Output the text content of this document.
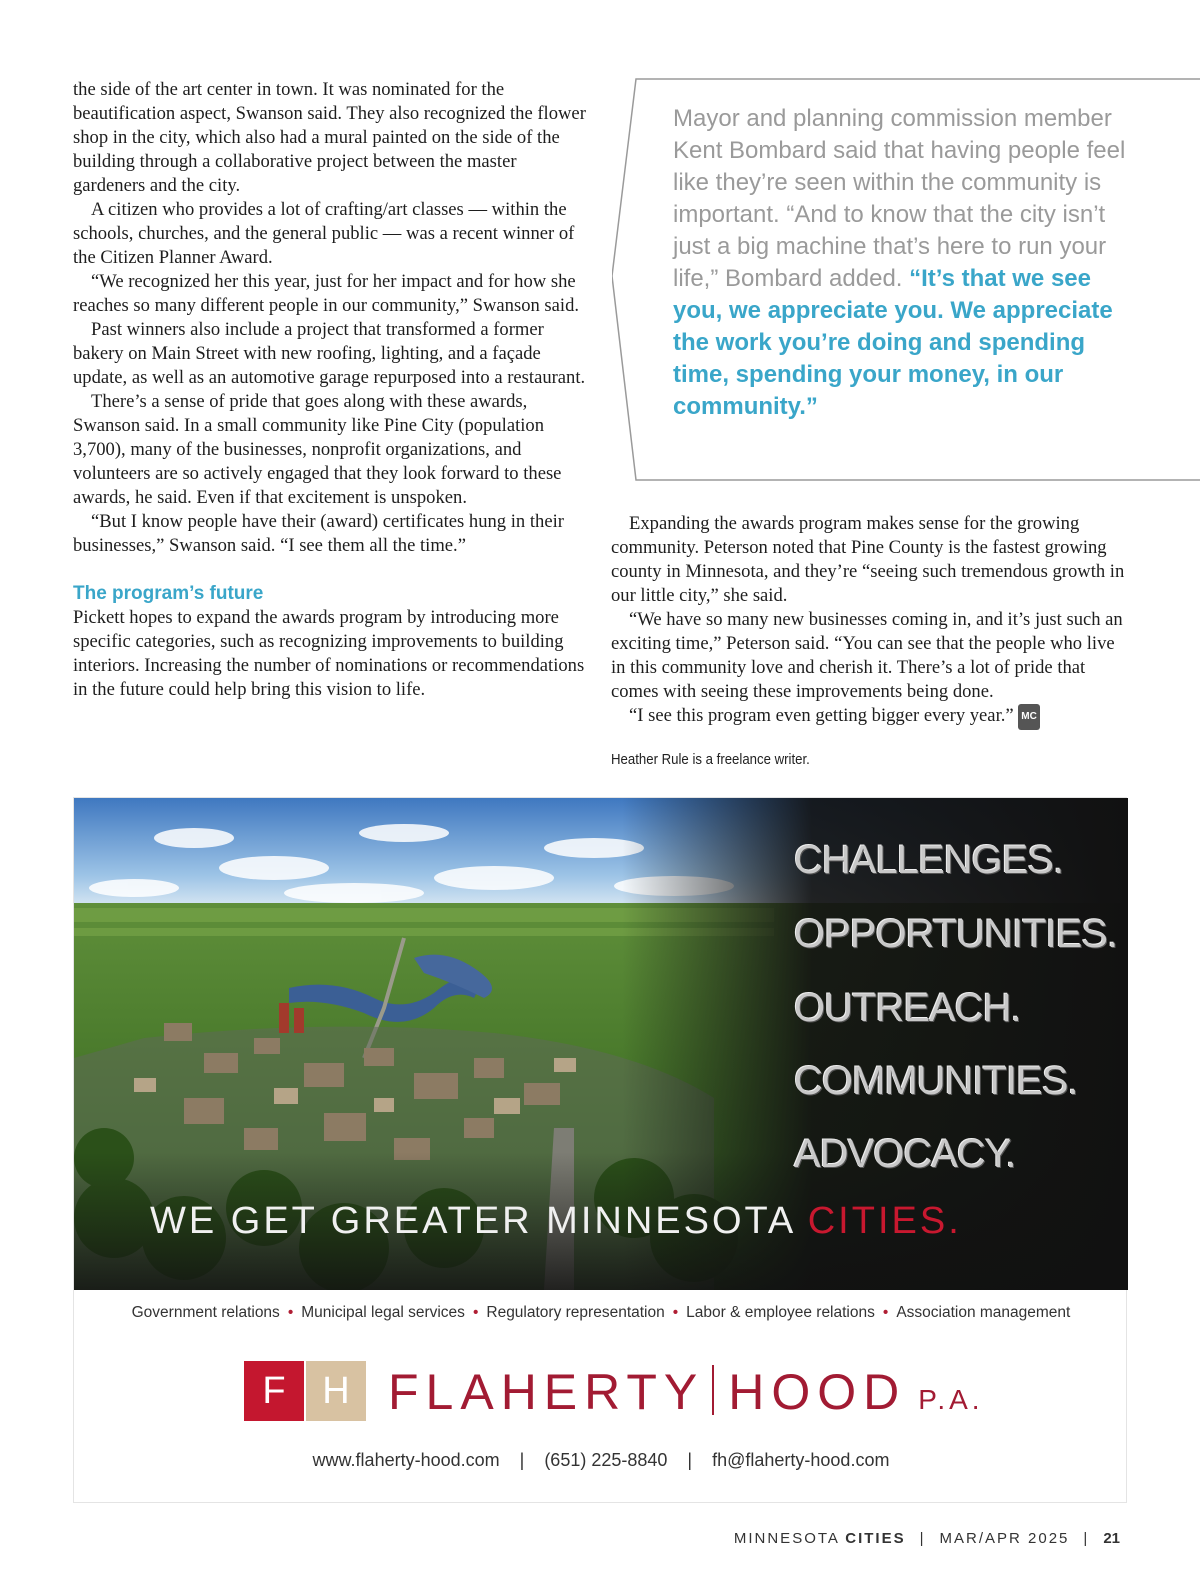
the side of the art center in town. It was nominated for the beautification aspect, Swanson said. They also recognized the flower shop in the city, which also had a mural painted on the side of the building through a collaborative project between the master gardeners and the city.

A citizen who provides a lot of crafting/art classes — within the schools, churches, and the general public — was a recent winner of the Citizen Planner Award.

“We recognized her this year, just for her impact and for how she reaches so many different people in our community,” Swanson said.

Past winners also include a project that transformed a former bakery on Main Street with new roofing, lighting, and a façade update, as well as an automotive garage repurposed into a restaurant.

There’s a sense of pride that goes along with these awards, Swanson said. In a small community like Pine City (population 3,700), many of the businesses, nonprofit organizations, and volunteers are so actively engaged that they look forward to these awards, he said. Even if that excitement is unspoken.

“But I know people have their (award) certificates hung in their businesses,” Swanson said. “I see them all the time.”

The program’s future

Pickett hopes to expand the awards program by introducing more specific categories, such as recognizing improvements to building interiors. Increasing the number of nominations or recommendations in the future could help bring this vision to life.

Mayor and planning commission member Kent Bombard said that having people feel like they’re seen within the community is important. “And to know that the city isn’t just a big machine that’s here to run your life,” Bombard added. “It’s that we see you, we appreciate you. We appreciate the work you’re doing and spending time, spending your money, in our community.”

Expanding the awards program makes sense for the growing community. Peterson noted that Pine County is the fastest growing county in Minnesota, and they’re “seeing such tremendous growth in our little city,” she said.

“We have so many new businesses coming in, and it’s just such an exciting time,” Peterson said. “You can see that the people who live in this community love and cherish it. There’s a lot of pride that comes with seeing these improvements being done.

“I see this program even getting bigger every year.” MC

Heather Rule is a freelance writer.
CHALLENGES.
OPPORTUNITIES.
OUTREACH.
COMMUNITIES.
ADVOCACY.
WE GET GREATER MINNESOTA CITIES.
Government relations • Municipal legal services • Regulatory representation • Labor & employee relations • Association management
F H FLAHERTY HOOD P.A.
www.flaherty-hood.com | (651) 225-8840 | fh@flaherty-hood.com
MINNESOTA CITIES | MAR/APR 2025 | 21
